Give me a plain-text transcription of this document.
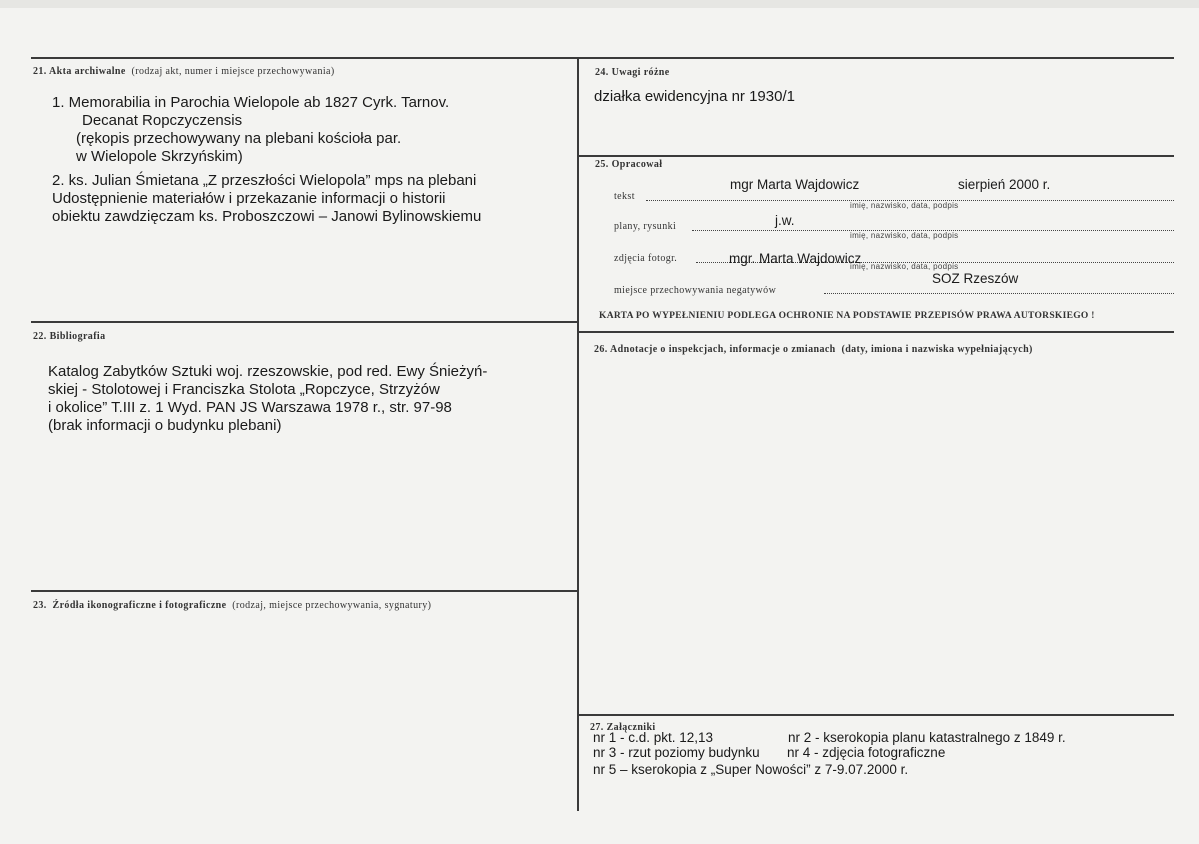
21. Akta archiwalne (rodzaj akt, numer i miejsce przechowywania)
1. Memorabilia in Parochia Wielopole ab 1827 Cyrk. Tarnov.
Decanat Ropczyczensis
(rękopis przechowywany na plebani kościoła par.
w Wielopole Skrzyńskim)
2. ks. Julian Śmietana „Z przeszłości Wielopola” mps na plebani
Udostępnienie materiałów i przekazanie informacji o historii
obiektu zawdzięczam ks. Proboszczowi – Janowi Bylinowskiemu
22. Bibliografia
Katalog Zabytków Sztuki woj. rzeszowskie, pod red. Ewy Śnieżyń-
skiej - Stolotowej i Franciszka Stolota „Ropczyce, Strzyżów
i okolice” T.III z. 1 Wyd. PAN JS Warszawa 1978 r., str. 97-98
(brak informacji o budynku plebani)
23. Źródła ikonograficzne i fotograficzne (rodzaj, miejsce przechowywania, sygnatury)
24. Uwagi różne
działka ewidencyjna nr 1930/1
25. Opracował
tekst
mgr Marta Wajdowicz	sierpień 2000 r.
imię, nazwisko, data, podpis
plany, rysunki	j.w.
imię, nazwisko, data, podpis
zdjęcia fotogr.	mgr. Marta Wajdowicz
imię, nazwisko, data, podpis
SOZ Rzeszów
miejsce przechowywania negatywów
KARTA PO WYPEŁNIENIU PODLEGA OCHRONIE NA PODSTAWIE PRZEPISÓW PRAWA AUTORSKIEGO !
26. Adnotacje o inspekcjach, informacje o zmianach (daty, imiona i nazwiska wypełniających)
27. Załączniki
nr 1 - c.d. pkt. 12,13	nr 2 - kserokopia planu katastralnego z 1849 r.
nr 3 - rzut poziomy budynku nr 4 - zdjęcia fotograficzne
nr 5 – kserokopia z „Super Nowości” z 7-9.07.2000 r.
